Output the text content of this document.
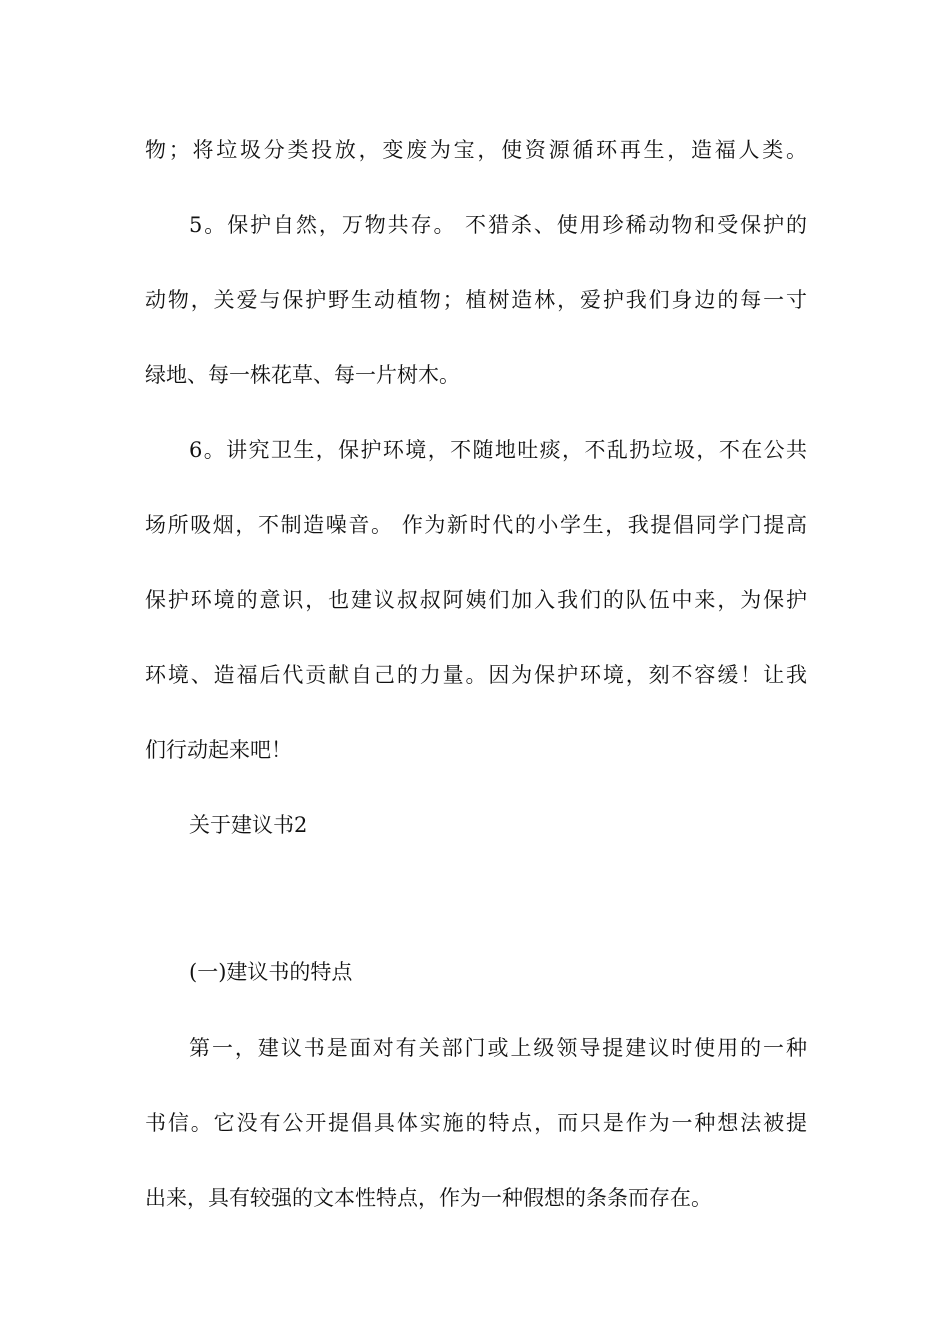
物；将垃圾分类投放，变废为宝，使资源循环再生，造福人类。
5。保护自然，万物共存。 不猎杀、使用珍稀动物和受保护的
动物，关爱与保护野生动植物；植树造林，爱护我们身边的每一寸
绿地、每一株花草、每一片树木。
6。讲究卫生，保护环境，不随地吐痰，不乱扔垃圾，不在公共
场所吸烟，不制造噪音。 作为新时代的小学生，我提倡同学门提高
保护环境的意识，也建议叔叔阿姨们加入我们的队伍中来，为保护
环境、造福后代贡献自己的力量。因为保护环境，刻不容缓！让我
们行动起来吧！
关于建议书2
(一)建议书的特点
第一，建议书是面对有关部门或上级领导提建议时使用的一种
书信。它没有公开提倡具体实施的特点，而只是作为一种想法被提
出来，具有较强的文本性特点，作为一种假想的条条而存在。
